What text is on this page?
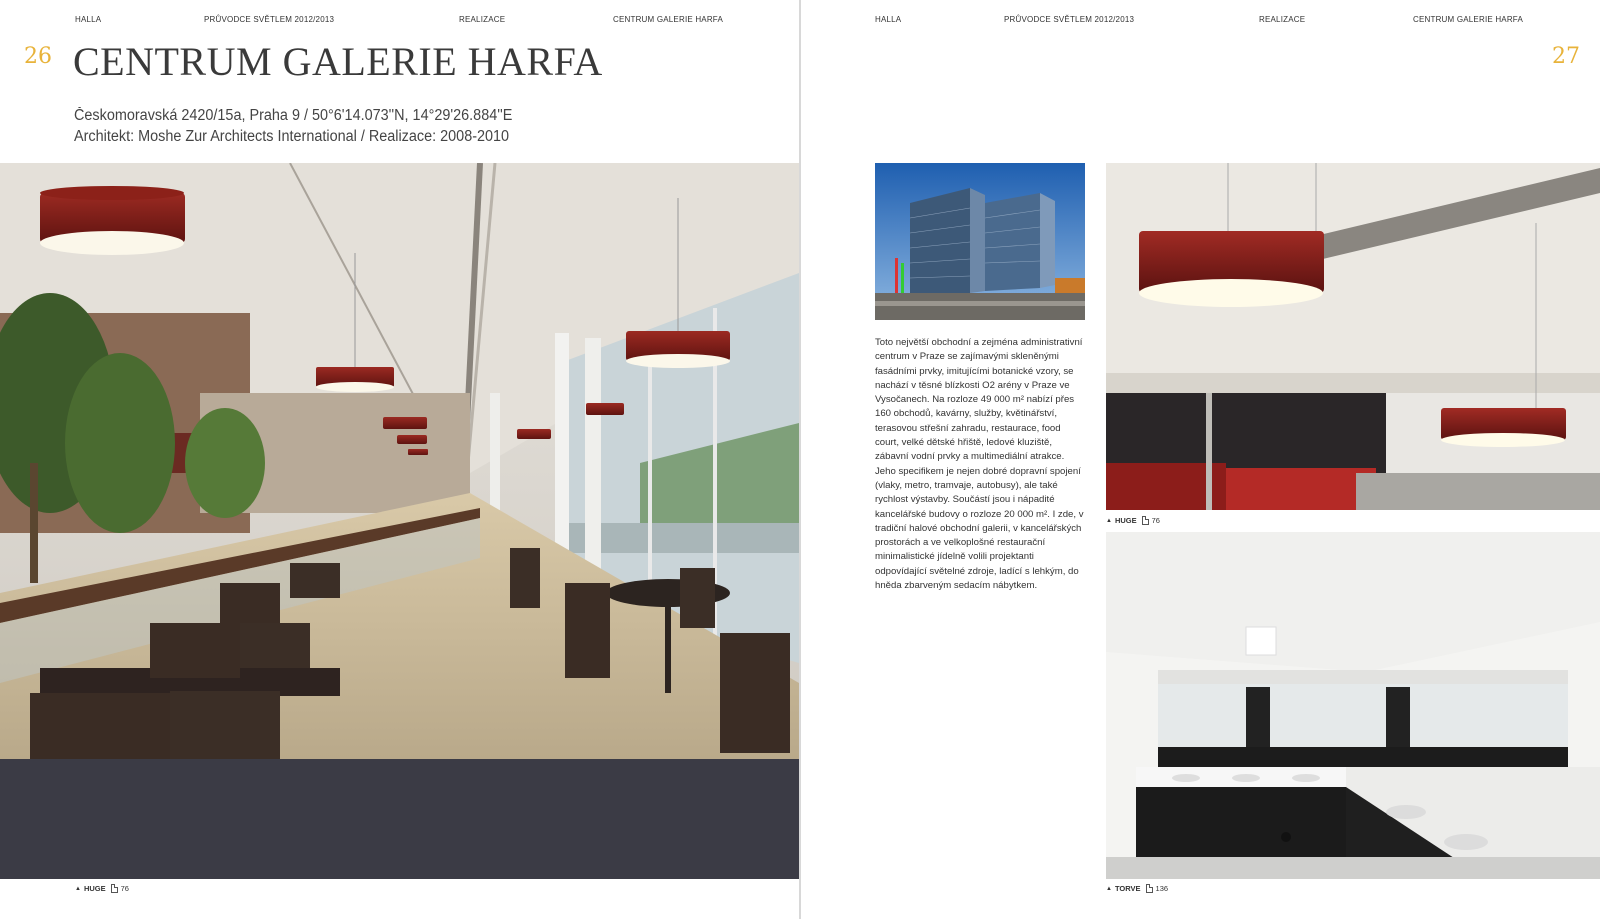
HALLA	PRŮVODCE SVĚTLEM 2012/2013	REALIZACE	CENTRUM GALERIE HARFA
26 CENTRUM GALERIE HARFA
Českomoravská 2420/15a, Praha 9 / 50°6'14.073''N, 14°29'26.884''E
Architekt: Moshe Zur Architects International / Realizace: 2008-2010
▲ HUGE 76
HALLA	PRŮVODCE SVĚTLEM 2012/2013	REALIZACE	CENTRUM GALERIE HARFA
27
Toto největší obchodní a zejména administrativní centrum v Praze se zajímavými skleněnými fasádními prvky, imitujícími botanické vzory, se nachází v těsné blízkosti O2 arény v Praze ve Vysočanech. Na rozloze 49 000 m² nabízí přes 160 obchodů, kavárny, služby, květinářství, terasovou střešní zahradu, restaurace, food court, velké dětské hřiště, ledové kluziště, zábavní vodní prvky a multimediální atrakce. Jeho specifikem je nejen dobré dopravní spojení (vlaky, metro, tramvaje, autobusy), ale také rychlost výstavby. Součástí jsou i nápadité kancelářské budovy o rozloze 20 000 m². I zde, v tradiční halové obchodní galerii, v kancelářských prostorách a ve velkoplošné restaurační minimalistické jídelně volili projektanti odpovídající světelné zdroje, ladící s lehkým, do hněda zbarveným sedacím nábytkem.
▲ HUGE 76
▲ TORVE 136
